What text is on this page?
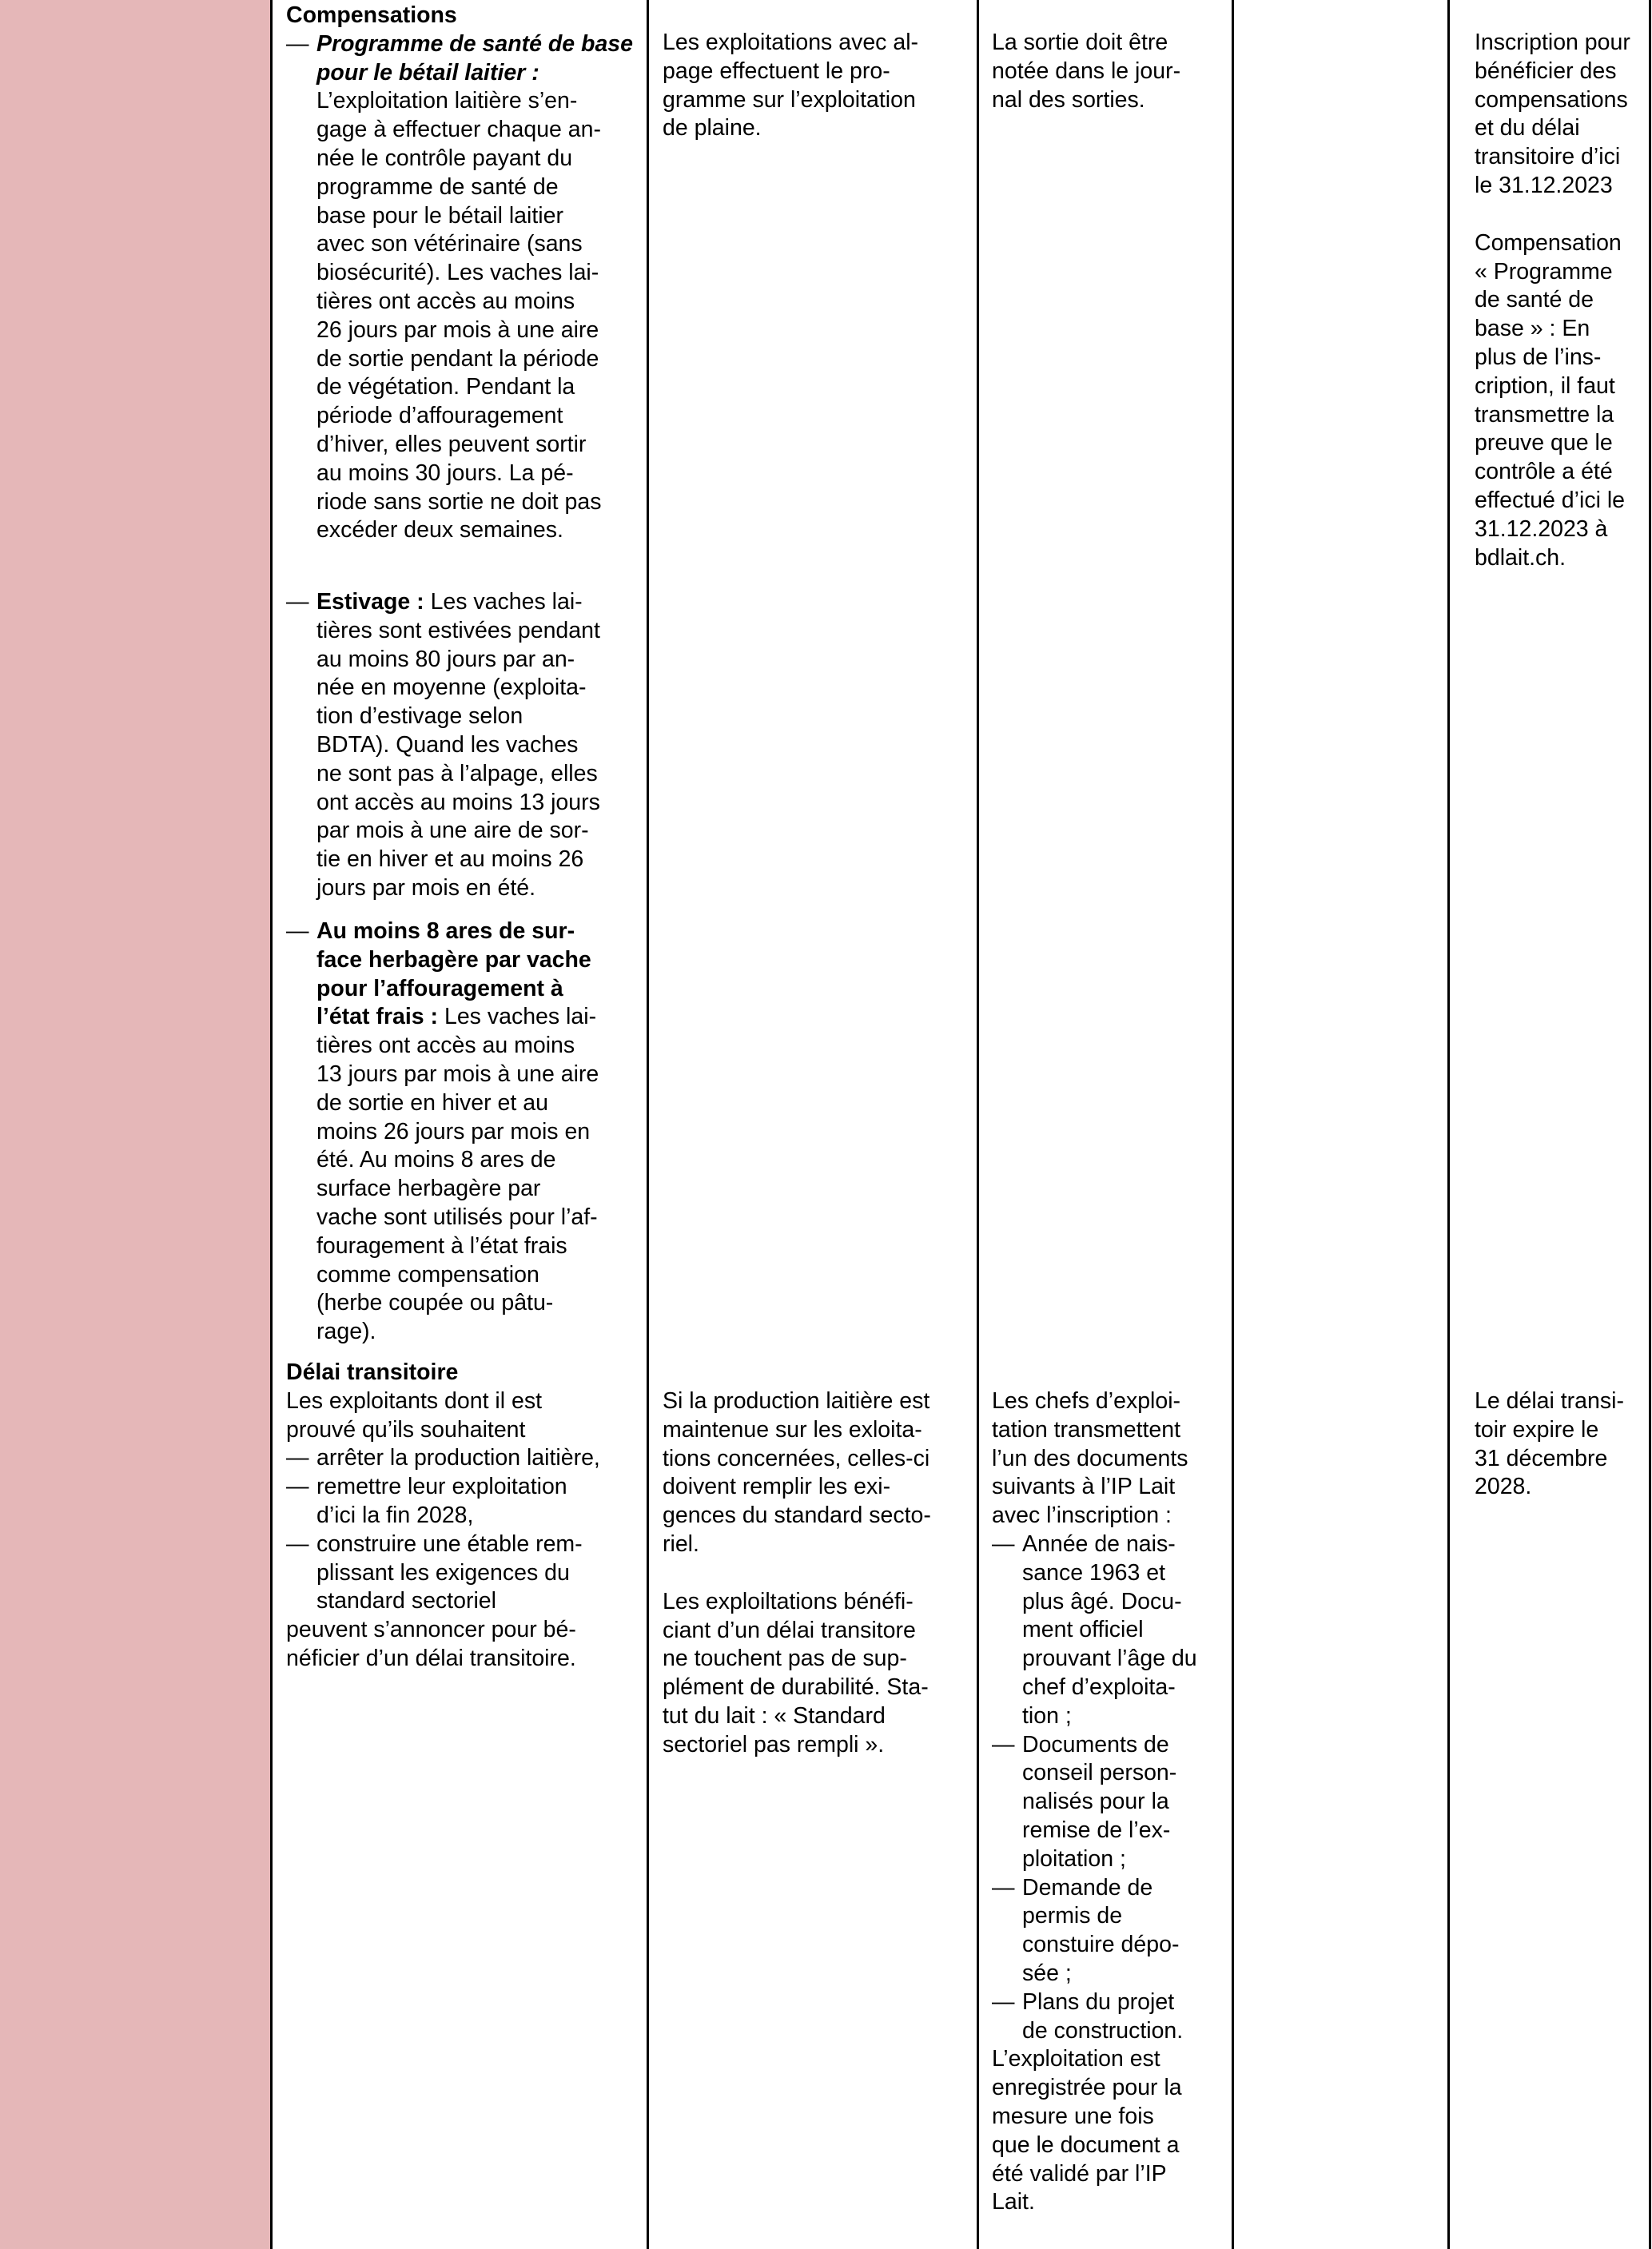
Compensations

— Programme de santé de base pour le bétail laitier :

L’exploitation laitière s’en-

gage à effectuer chaque an-

née le contrôle payant du

programme de santé de

base pour le bétail laitier

avec son vétérinaire (sans

biosécurité). Les vaches lai-

tières ont accès au moins

26 jours par mois à une aire

de sortie pendant la période

de végétation. Pendant la

période d’affouragement

d’hiver, elles peuvent sortir

au moins 30 jours. La pé-

riode sans sortie ne doit pas

excéder deux semaines.

— Estivage : Les vaches lai-

tières sont estivées pendant

au moins 80 jours par an-

née en moyenne (exploita-

tion d’estivage selon

BDTA). Quand les vaches

ne sont pas à l’alpage, elles

ont accès au moins 13 jours

par mois à une aire de sor-

tie en hiver et au moins 26

jours par mois en été.

— Au moins 8 ares de sur-

face herbagère par vache

pour l’affouragement à

l’état frais : Les vaches lai-

tières ont accès au moins

13 jours par mois à une aire

de sortie en hiver et au

moins 26 jours par mois en

été. Au moins 8 ares de

surface herbagère par

vache sont utilisés pour l’af-

fouragement à l’état frais

comme compensation

(herbe coupée ou pâtu-

rage).

Délai transitoire

Les exploitants dont il est

prouvé qu’ils souhaitent

— arrêter la production laitière,

— remettre leur exploitation

d’ici la fin 2028,

— construire une étable rem-

plissant les exigences du

standard sectoriel

peuvent s’annoncer pour bé-

néficier d’un délai transitoire.

Les exploitations avec al-

page effectuent le pro-

gramme sur l’exploitation

de plaine.

Si la production laitière est

maintenue sur les exloita-

tions concernées, celles-ci

doivent remplir les exi-

gences du standard secto-

riel.

Les exploiltations bénéfi-

ciant d’un délai transitore

ne touchent pas de sup-

plément de durabilité. Sta-

tut du lait : « Standard

sectoriel pas rempli ».

La sortie doit être

notée dans le jour-

nal des sorties.

Les chefs d’exploi-

tation transmettent

l’un des documents

suivants à l’IP Lait

avec l’inscription :

— Année de nais-

sance 1963 et

plus âgé. Docu-

ment officiel

prouvant l’âge du

chef d’exploita-

tion ;

— Documents de

conseil person-

nalisés pour la

remise de l’ex-

ploitation ;

— Demande de

permis de

constuire dépo-

sée ;

— Plans du projet

de construction.

L’exploitation est

enregistrée pour la

mesure une fois

que le document a

été validé par l’IP

Lait.

Inscription pour

bénéficier des

compensations

et du délai

transitoire d’ici

le 31.12.2023

Compensation

« Programme

de santé de

base » : En

plus de l’ins-

cription, il faut

transmettre la

preuve que le

contrôle a été

effectué d’ici le

31.12.2023 à

bdlait.ch.

Le délai transi-

toir expire le

31 décembre

2028.
